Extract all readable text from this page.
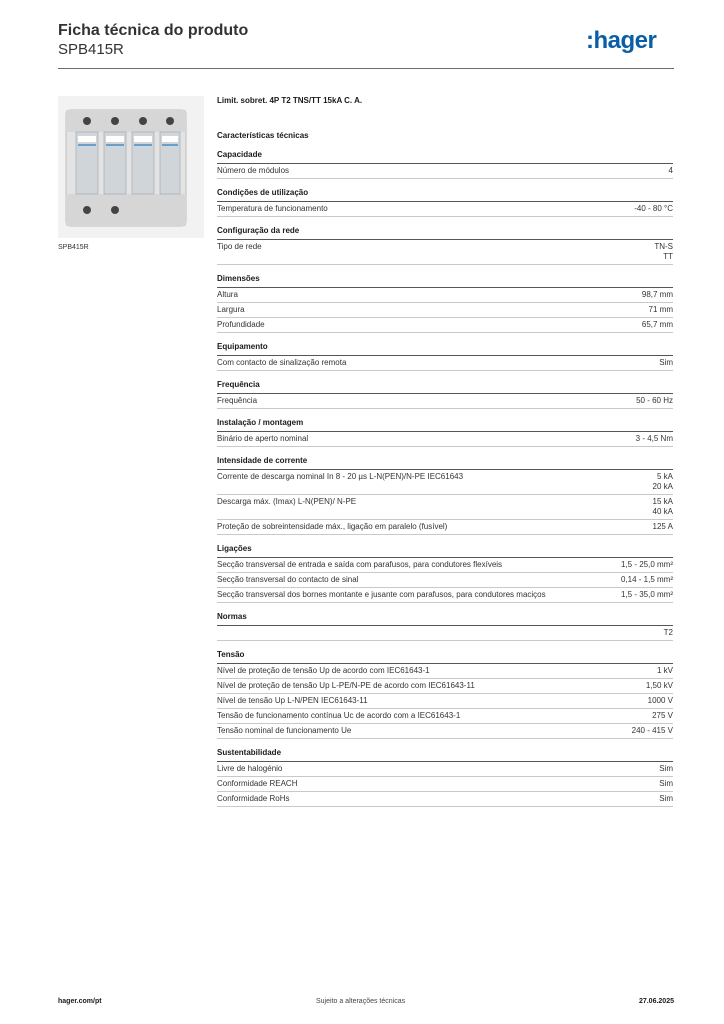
Ficha técnica do produto
SPB415R	:hager
SPB415R
Limit. sobret. 4P T2 TNS/TT 15kA C. A.
Características técnicas
Capacidade
Número de módulos	4
Condições de utilização
Temperatura de funcionamento	-40 - 80 °C
Configuração da rede
Tipo de rede	TN-S
TT
Dimensões
Altura	98,7 mm
Largura	71 mm
Profundidade	65,7 mm
Equipamento
Com contacto de sinalização remota	Sim
Frequência
Frequência	50 - 60 Hz
Instalação / montagem
Binário de aperto nominal	3 - 4,5 Nm
Intensidade de corrente
Corrente de descarga nominal In 8 - 20 µs L-N(PEN)/N-PE IEC61643	5 kA
20 kA
Descarga máx. (Imax) L-N(PEN)/ N-PE	15 kA
40 kA
Proteção de sobreintensidade máx., ligação em paralelo (fusível)	125 A
Ligações
Secção transversal de entrada e saída com parafusos, para condutores flexíveis	1,5 - 25,0 mm²
Secção transversal do contacto de sinal	0,14 - 1,5 mm²
Secção transversal dos bornes montante e jusante com parafusos, para condutores maciços	1,5 - 35,0 mm²
Normas
T2
Tensão
Nível de proteção de tensão Up de acordo com IEC61643-1	1 kV
Nível de proteção de tensão Up L-PE/N-PE de acordo com IEC61643-11	1,50 kV
Nível de tensão Up L-N/PEN IEC61643-11	1000 V
Tensão de funcionamento contínua Uc de acordo com a IEC61643-1	275 V
Tensão nominal de funcionamento Ue	240 - 415 V
Sustentabilidade
Livre de halogénio	Sim
Conformidade REACH	Sim
Conformidade RoHs	Sim
hager.com/pt	Sujeito a alterações técnicas	27.06.2025
